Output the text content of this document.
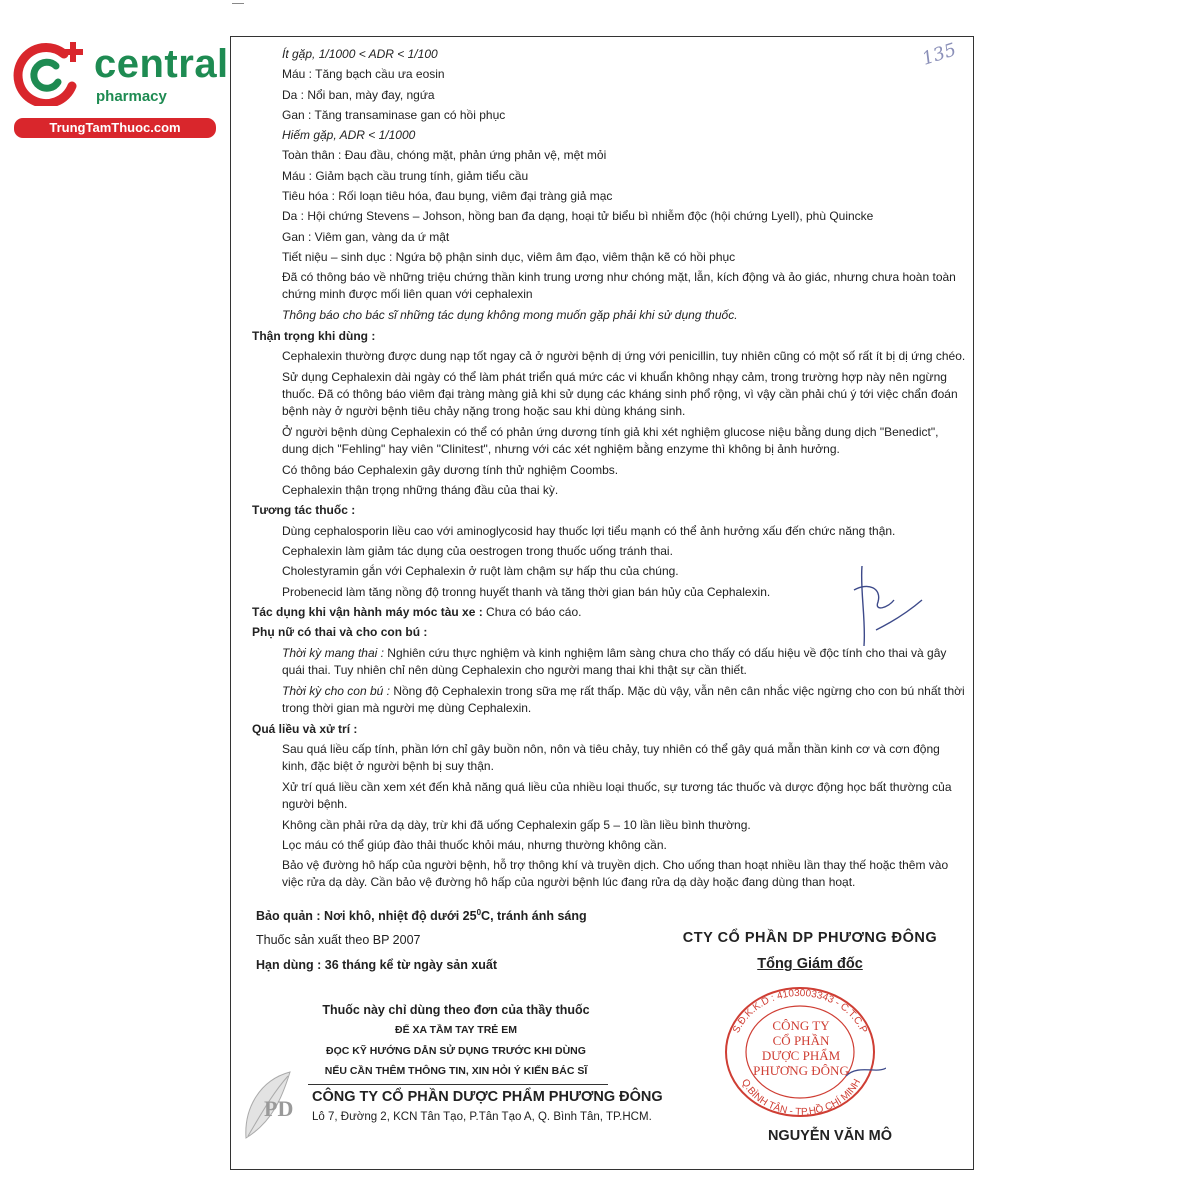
central
pharmacy
TrungTamThuoc.com
135

Ít gặp, 1/1000 < ADR < 1/100

Máu : Tăng bạch cầu ưa eosin

Da : Nổi ban, mày đay, ngứa

Gan : Tăng transaminase gan có hồi phục

Hiếm gặp, ADR < 1/1000

Toàn thân : Đau đầu, chóng mặt, phản ứng phản vệ, mệt mỏi

Máu : Giảm bạch cầu trung tính, giảm tiểu cầu

Tiêu hóa : Rối loạn tiêu hóa, đau bụng, viêm đại tràng giả mạc

Da : Hội chứng Stevens – Johson, hồng ban đa dạng, hoại tử biểu bì nhiễm độc (hội chứng Lyell), phù Quincke

Gan : Viêm gan, vàng da ứ mật

Tiết niệu – sinh dục : Ngứa bộ phận sinh dục, viêm âm đạo, viêm thận kẽ có hồi phục

Đã có thông báo về những triệu chứng thần kinh trung ương như chóng mặt, lẫn, kích động và ảo giác, nhưng chưa hoàn toàn chứng minh được mối liên quan với cephalexin

Thông báo cho bác sĩ những tác dụng không mong muốn gặp phải khi sử dụng thuốc.

Thận trọng khi dùng :

Cephalexin thường được dung nạp tốt ngay cả ở người bệnh dị ứng với penicillin, tuy nhiên cũng có một số rất ít bị dị ứng chéo.

Sử dụng Cephalexin dài ngày có thể làm phát triển quá mức các vi khuẩn không nhạy cảm, trong trường hợp này nên ngừng thuốc. Đã có thông báo viêm đại tràng màng giả khi sử dụng các kháng sinh phổ rộng, vì vậy cần phải chú ý tới việc chẩn đoán bệnh này ở người bệnh tiêu chảy nặng trong hoặc sau khi dùng kháng sinh.

Ở người bệnh dùng Cephalexin có thể có phản ứng dương tính giả khi xét nghiệm glucose niệu bằng dung dịch "Benedict", dung dịch "Fehling" hay viên "Clinitest", nhưng với các xét nghiệm bằng enzyme thì không bị ảnh hưởng.

Có thông báo Cephalexin gây dương tính thử nghiệm Coombs.

Cephalexin thận trọng những tháng đầu của thai kỳ.

Tương tác thuốc :

Dùng cephalosporin liều cao với aminoglycosid hay thuốc lợi tiểu mạnh có thể ảnh hưởng xấu đến chức năng thận.

Cephalexin làm giảm tác dụng của oestrogen trong thuốc uống tránh thai.

Cholestyramin gắn với Cephalexin ở ruột làm chậm sự hấp thu của chúng.

Probenecid làm tăng nồng độ tronng huyết thanh và tăng thời gian bán hủy của Cephalexin.

Tác dụng khi vận hành máy móc tàu xe : Chưa có báo cáo.

Phụ nữ có thai và cho con bú :

Thời kỳ mang thai : Nghiên cứu thực nghiệm và kinh nghiệm lâm sàng chưa cho thấy có dấu hiệu về độc tính cho thai và gây quái thai. Tuy nhiên chỉ nên dùng Cephalexin cho người mang thai khi thật sự cần thiết.

Thời kỳ cho con bú : Nồng độ Cephalexin trong sữa mẹ rất thấp. Mặc dù vậy, vẫn nên cân nhắc việc ngừng cho con bú nhất thời trong thời gian mà người mẹ dùng Cephalexin.

Quá liều và xử trí :

Sau quá liều cấp tính, phần lớn chỉ gây buồn nôn, nôn và tiêu chảy, tuy nhiên có thể gây quá mẫn thần kinh cơ và cơn động kinh, đặc biệt ở người bệnh bị suy thận.

Xử trí quá liều cần xem xét đến khả năng quá liều của nhiều loại thuốc, sự tương tác thuốc và dược động học bất thường của người bệnh.

Không cần phải rửa dạ dày, trừ khi đã uống Cephalexin gấp 5 – 10 lần liều bình thường.

Lọc máu có thể giúp đào thải thuốc khỏi máu, nhưng thường không cần.

Bảo vệ đường hô hấp của người bệnh, hỗ trợ thông khí và truyền dịch. Cho uống than hoạt nhiều lần thay thế hoặc thêm vào việc rửa dạ dày. Cần bảo vệ đường hô hấp của người bệnh lúc đang rửa dạ dày hoặc đang dùng than hoạt.

Bảo quản : Nơi khô, nhiệt độ dưới $25^0C$, tránh ánh sáng
Thuốc sản xuất theo BP 2007
Hạn dùng : 36 tháng kể từ ngày sản xuất
Thuốc này chỉ dùng theo đơn của thầy thuốc
ĐỂ XA TẦM TAY TRẺ EM
ĐỌC KỸ HƯỚNG DẪN SỬ DỤNG TRƯỚC KHI DÙNG
NẾU CẦN THÊM THÔNG TIN, XIN HỎI Ý KIẾN BÁC SĨ
PD CÔNG TY CỔ PHẦN DƯỢC PHẨM PHƯƠNG ĐÔNG
Lô 7, Đường 2, KCN Tân Tạo, P.Tân Tạo A, Q. Bình Tân, TP.HCM.
CTY CỔ PHẦN DP PHƯƠNG ĐÔNG
Tổng Giám đốc
S.Đ.K.K.D : 4103003343 - C.T.C.P
Q.BÌNH TÂN - TP.HỒ CHÍ MINH
CÔNG TY
CỔ PHẦN
DƯỢC PHẨM
PHƯƠNG ĐÔNG
NGUYỄN VĂN MÔ
